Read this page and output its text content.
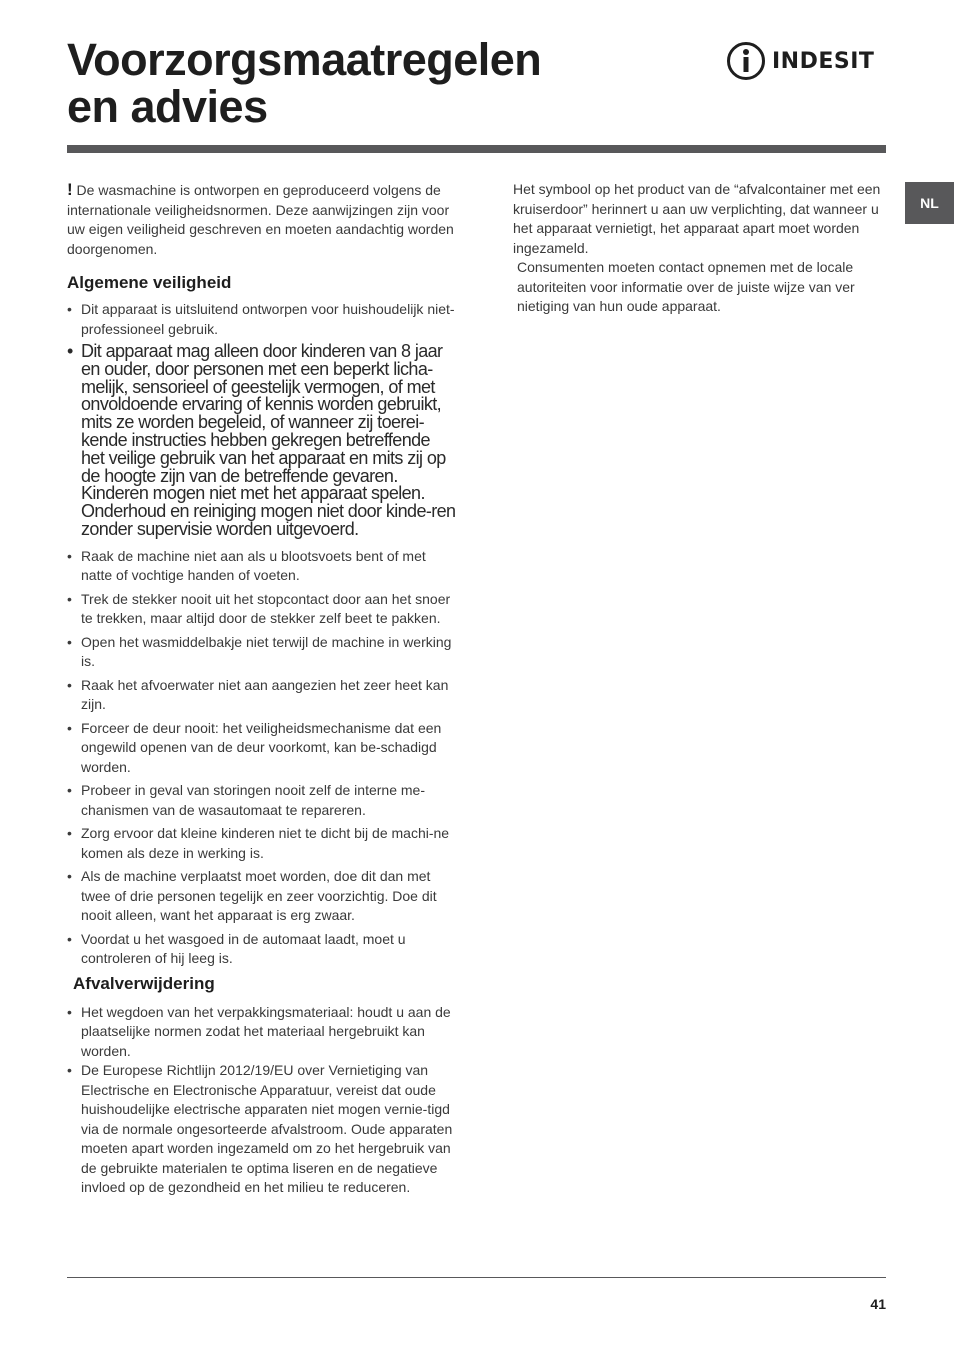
Voorzorgsmaatregelen
en advies
INDESIT
NL

! De wasmachine is ontworpen en geproduceerd volgens de internationale veiligheidsnormen. Deze aanwijzingen zijn voor uw eigen veiligheid geschreven en moeten aandachtig worden doorgenomen.

Algemene veiligheid
• Dit apparaat is uitsluitend ontworpen voor huishoudelijk niet-professioneel gebruik.
• Dit apparaat mag alleen door kinderen van 8 jaar en ouder, door personen met een beperkt licha-melijk, sensorieel of geestelijk vermogen, of met onvoldoende ervaring of kennis worden gebruikt, mits ze worden begeleid, of wanneer zij toerei-kende instructies hebben gekregen betreffende het veilige gebruik van het apparaat en mits zij op de hoogte zijn van de betreffende gevaren. Kinderen mogen niet met het apparaat spelen. Onderhoud en reiniging mogen niet door kinde-ren zonder supervisie worden uitgevoerd.
• Raak de machine niet aan als u blootsvoets bent of met natte of vochtige handen of voeten.
• Trek de stekker nooit uit het stopcontact door aan het snoer te trekken, maar altijd door de stekker zelf beet te pakken.
• Open het wasmiddelbakje niet terwijl de machine in werking is.
• Raak het afvoerwater niet aan aangezien het zeer heet kan zijn.
• Forceer de deur nooit: het veiligheidsmechanisme dat een ongewild openen van de deur voorkomt, kan be-schadigd worden.
• Probeer in geval van storingen nooit zelf de interne me-chanismen van de wasautomaat te repareren.
• Zorg ervoor dat kleine kinderen niet te dicht bij de machi-ne komen als deze in werking is.
• Als de machine verplaatst moet worden, doe dit dan met twee of drie personen tegelijk en zeer voorzichtig. Doe dit nooit alleen, want het apparaat is erg zwaar.
• Voordat u het wasgoed in de automaat laadt, moet u controleren of hij leeg is.
Afvalverwijdering
• Het wegdoen van het verpakkingsmateriaal: houdt u aan de plaatselijke normen zodat het materiaal hergebruikt kan worden.
• De Europese Richtlijn 2012/19/EU over Vernietiging van Electrische en Electronische Apparatuur, vereist dat oude huishoudelijke electrische apparaten niet mogen vernie-tigd via de normale ongesorteerde afvalstroom. Oude apparaten moeten apart worden ingezameld om zo het hergebruik van de gebruikte materialen te optima liseren en de negatieve invloed op de gezondheid en het milieu te reduceren.

Het symbool op het product van de “afvalcontainer met een kruiserdoor” herinnert u aan uw verplichting, dat wanneer u het apparaat vernietigt, het apparaat apart moet worden ingezameld.

Consumenten moeten contact opnemen met de locale autoriteiten voor informatie over de juiste wijze van ver nietiging van hun oude apparaat.

41
